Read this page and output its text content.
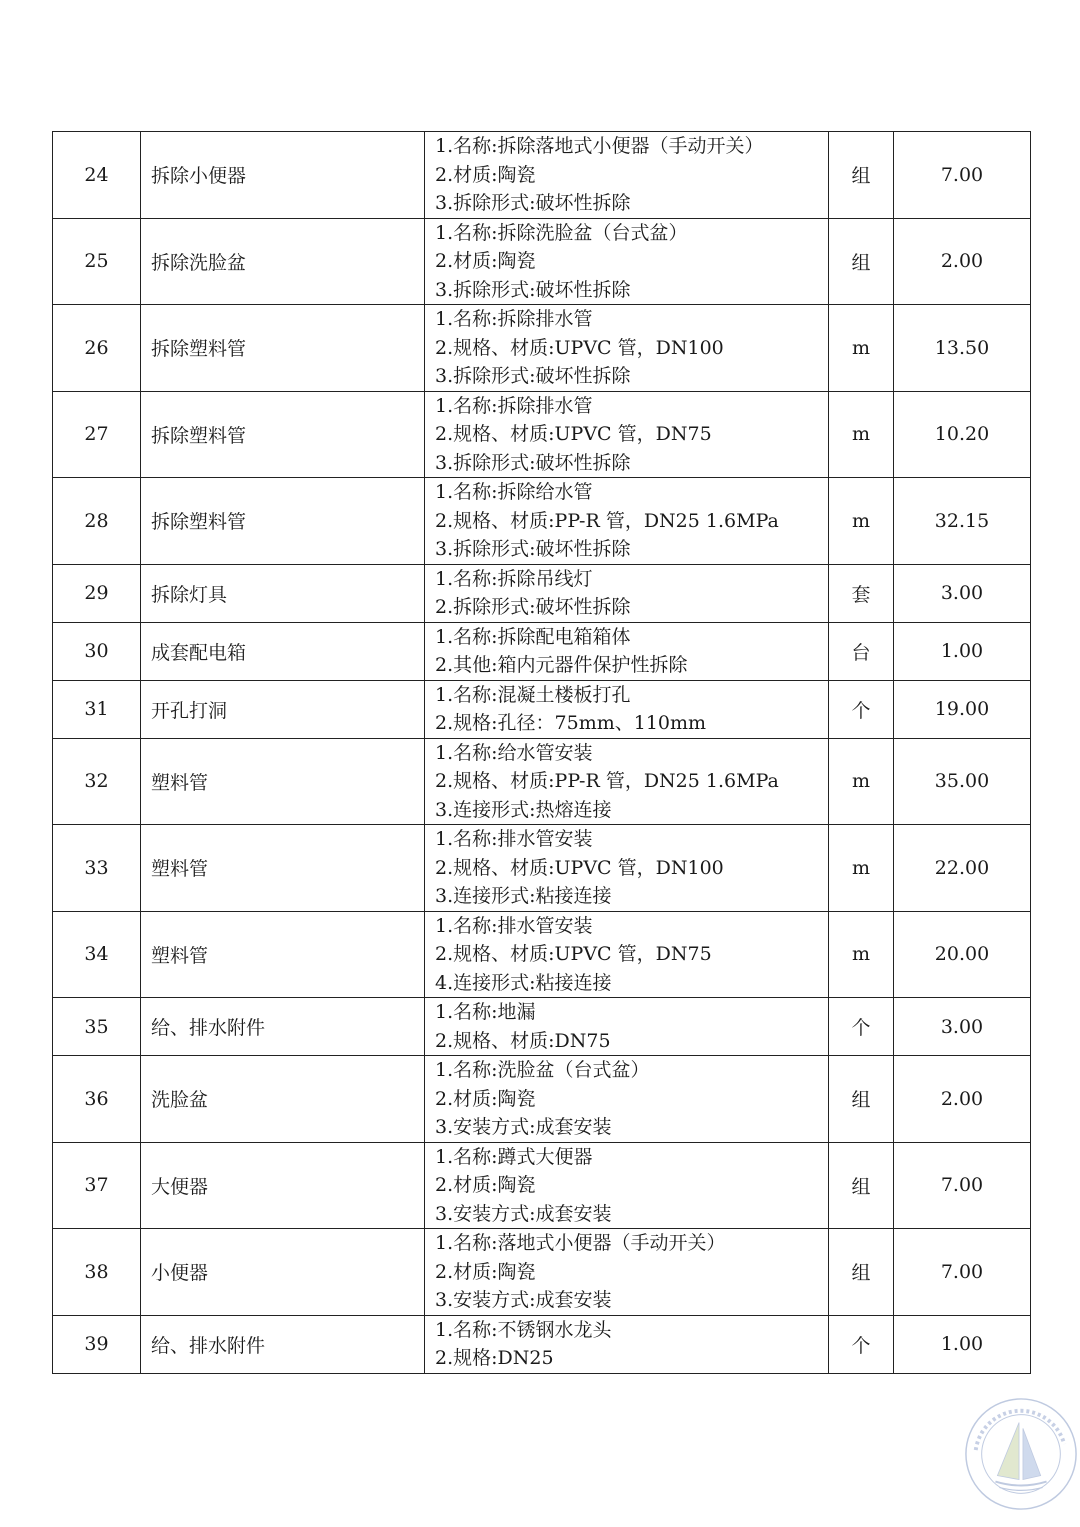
24	拆除小便器	1.名称:拆除落地式小便器（手动开关）
2.材质:陶瓷
3.拆除形式:破坏性拆除	组	7.00
25	拆除洗脸盆	1.名称:拆除洗脸盆（台式盆）
2.材质:陶瓷
3.拆除形式:破坏性拆除	组	2.00
26	拆除塑料管	1.名称:拆除排水管
2.规格、材质:UPVC 管，DN100
3.拆除形式:破坏性拆除	m	13.50
27	拆除塑料管	1.名称:拆除排水管
2.规格、材质:UPVC 管，DN75
3.拆除形式:破坏性拆除	m	10.20
28	拆除塑料管	1.名称:拆除给水管
2.规格、材质:PP-R 管，DN25 1.6MPa
3.拆除形式:破坏性拆除	m	32.15
29	拆除灯具	1.名称:拆除吊线灯
2.拆除形式:破坏性拆除	套	3.00
30	成套配电箱	1.名称:拆除配电箱箱体
2.其他:箱内元器件保护性拆除	台	1.00
31	开孔打洞	1.名称:混凝土楼板打孔
2.规格:孔径：75mm、110mm	个	19.00
32	塑料管	1.名称:给水管安装
2.规格、材质:PP-R 管，DN25 1.6MPa
3.连接形式:热熔连接	m	35.00
33	塑料管	1.名称:排水管安装
2.规格、材质:UPVC 管，DN100
3.连接形式:粘接连接	m	22.00
34	塑料管	1.名称:排水管安装
2.规格、材质:UPVC 管，DN75
4.连接形式:粘接连接	m	20.00
35	给、排水附件	1.名称:地漏
2.规格、材质:DN75	个	3.00
36	洗脸盆	1.名称:洗脸盆（台式盆）
2.材质:陶瓷
3.安装方式:成套安装	组	2.00
37	大便器	1.名称:蹲式大便器
2.材质:陶瓷
3.安装方式:成套安装	组	7.00
38	小便器	1.名称:落地式小便器（手动开关）
2.材质:陶瓷
3.安装方式:成套安装	组	7.00
39	给、排水附件	1.名称:不锈钢水龙头
2.规格:DN25	个	1.00
